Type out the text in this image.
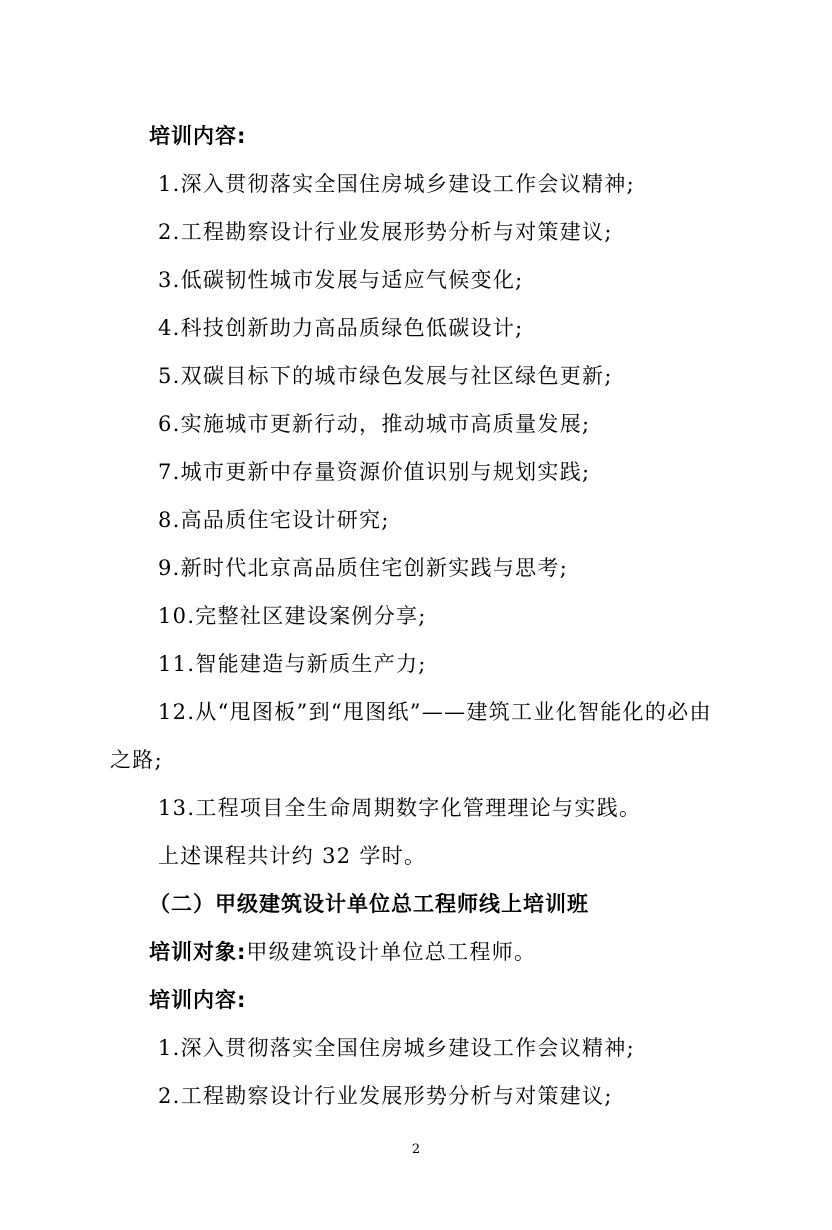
培训内容:
1.深入贯彻落实全国住房城乡建设工作会议精神;
2.工程勘察设计行业发展形势分析与对策建议;
3.低碳韧性城市发展与适应气候变化;
4.科技创新助力高品质绿色低碳设计;
5.双碳目标下的城市绿色发展与社区绿色更新;
6.实施城市更新行动，推动城市高质量发展;
7.城市更新中存量资源价值识别与规划实践;
8.高品质住宅设计研究;
9.新时代北京高品质住宅创新实践与思考;
10.完整社区建设案例分享;
11.智能建造与新质生产力;
12.从“甩图板”到“甩图纸”——建筑工业化智能化的必由
之路;
13.工程项目全生命周期数字化管理理论与实践。
上述课程共计约 32 学时。
（二）甲级建筑设计单位总工程师线上培训班
培训对象:甲级建筑设计单位总工程师。
培训内容:
1.深入贯彻落实全国住房城乡建设工作会议精神;
2.工程勘察设计行业发展形势分析与对策建议;
2
